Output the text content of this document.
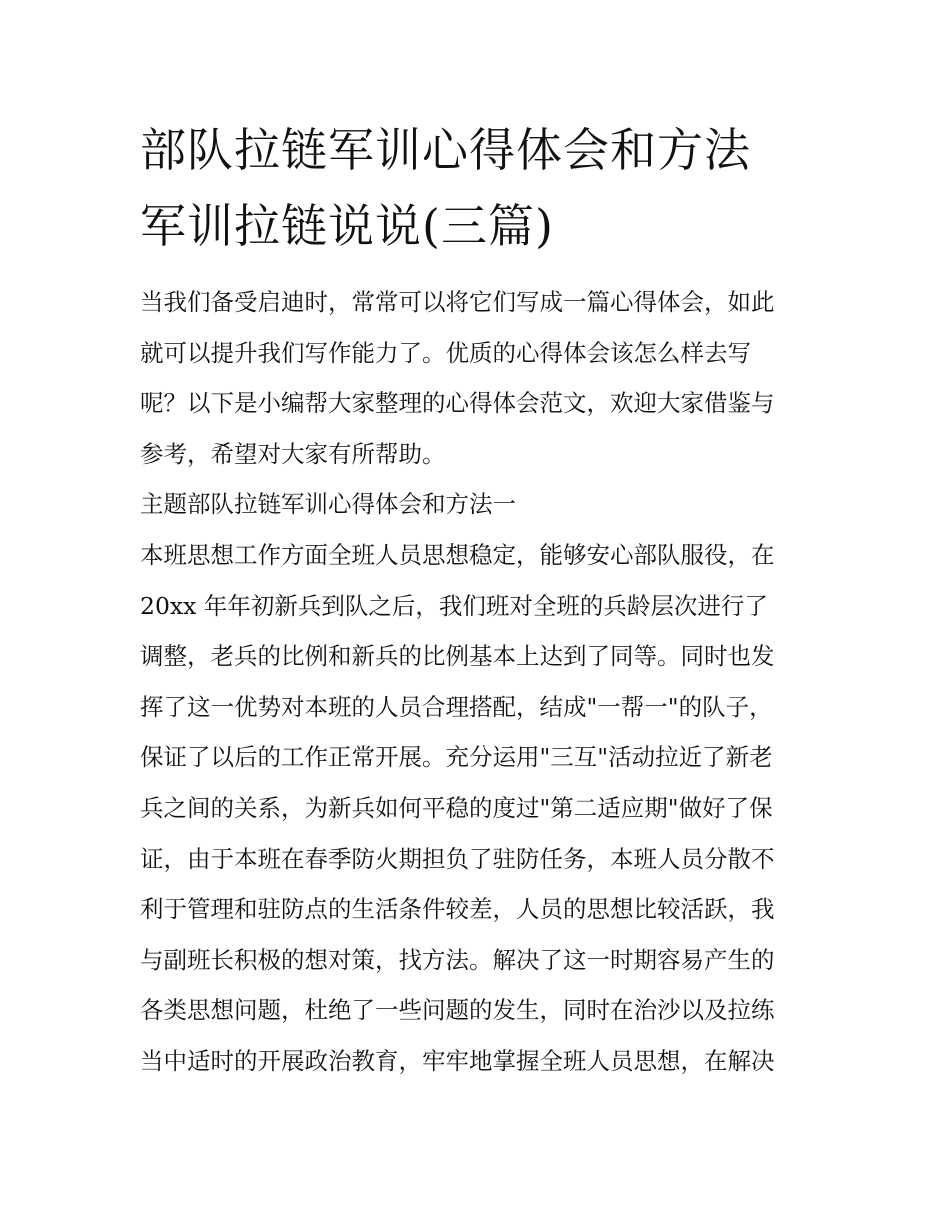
部队拉链军训心得体会和方法
军训拉链说说(三篇)
当我们备受启迪时，常常可以将它们写成一篇心得体会，如此
就可以提升我们写作能力了。优质的心得体会该怎么样去写
呢？以下是小编帮大家整理的心得体会范文，欢迎大家借鉴与
参考，希望对大家有所帮助。
主题部队拉链军训心得体会和方法一
本班思想工作方面全班人员思想稳定，能够安心部队服役，在
20xx 年年初新兵到队之后，我们班对全班的兵龄层次进行了
调整，老兵的比例和新兵的比例基本上达到了同等。同时也发
挥了这一优势对本班的人员合理搭配，结成"一帮一"的队子，
保证了以后的工作正常开展。充分运用"三互"活动拉近了新老
兵之间的关系，为新兵如何平稳的度过"第二适应期"做好了保
证，由于本班在春季防火期担负了驻防任务，本班人员分散不
利于管理和驻防点的生活条件较差，人员的思想比较活跃，我
与副班长积极的想对策，找方法。解决了这一时期容易产生的
各类思想问题，杜绝了一些问题的发生，同时在治沙以及拉练
当中适时的开展政治教育，牢牢地掌握全班人员思想，在解决
